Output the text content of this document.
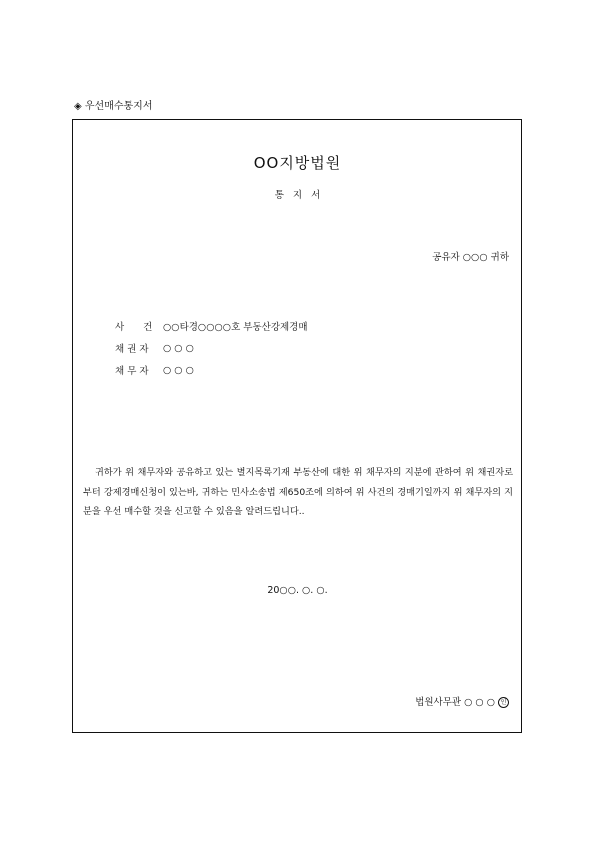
◈ 우선매수통지서
OO지방법원
통 지 서
공유자 ○○○ 귀하
사　　건	○○타경○○○○호 부동산강제경매
채 권 자	○ ○ ○
채 무 자	○ ○ ○
귀하가 위 채무자와 공유하고 있는 별지목록기재 부동산에 대한 위 채무자의 지분에 관하여 위 채권자로부터 강제경매신청이 있는바, 귀하는 민사소송법 제650조에 의하여 위 사건의 경매기일까지 위 채무자의 지분을 우선 매수할 것을 신고할 수 있음을 알려드립니다..
20○○. ○. ○.
법원사무관 ○ ○ ○ 인
